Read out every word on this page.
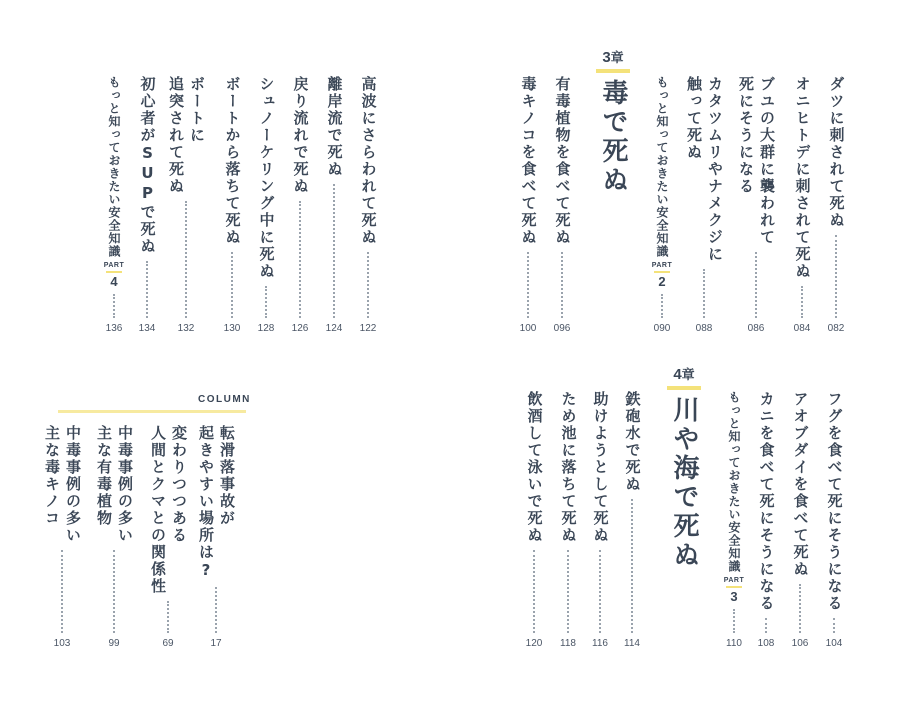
3章
毒で死ぬ
4章
川や海で死ぬ
COLUMN
ダツに刺されて死ぬ
082
オニヒトデに刺されて死ぬ
084
ブユの大群に襲われて
死にそうになる
086
カタツムリやナメクジに
触って死ぬ
088
もっと知っておきたい安全知識
PART
2
090
有毒植物を食べて死ぬ
096
毒キノコを食べて死ぬ
100
高波にさらわれて死ぬ
122
離岸流で死ぬ
124
戻り流れで死ぬ
126
シュノーケリング中に死ぬ
128
ボートから落ちて死ぬ
130
ボートに
追突されて死ぬ
132
初心者がSUPで死ぬ
134
もっと知っておきたい安全知識
PART
4
136
フグを食べて死にそうになる
104
アオブダイを食べて死ぬ
106
カニを食べて死にそうになる
108
もっと知っておきたい安全知識
PART
3
110
鉄砲水で死ぬ
114
助けようとして死ぬ
116
ため池に落ちて死ぬ
118
飲酒して泳いで死ぬ
120
転滑落事故が
起きやすい場所は?
17
変わりつつある
人間とクマとの関係性
69
中毒事例の多い
主な有毒植物
99
中毒事例の多い
主な毒キノコ
103
